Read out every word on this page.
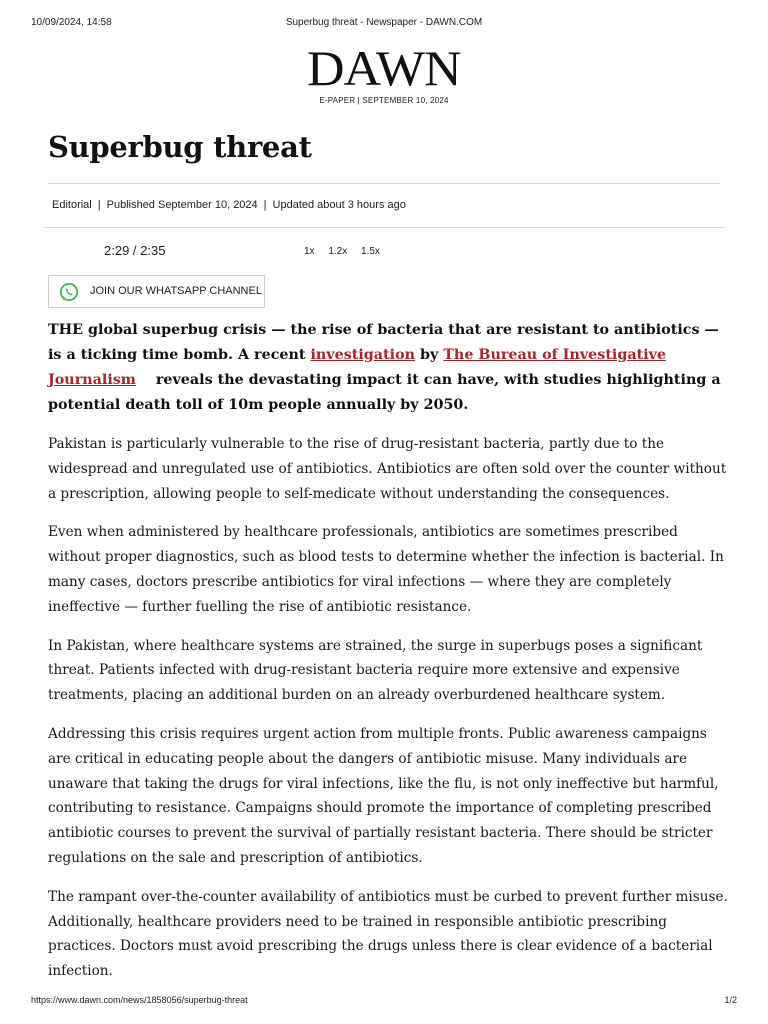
10/09/2024, 14:58	Superbug threat - Newspaper - DAWN.COM
DAWN
E-PAPER | SEPTEMBER 10, 2024
Superbug threat
Editorial | Published September 10, 2024 | Updated about 3 hours ago
2:29 / 2:35	1x 1.2x 1.5x
JOIN OUR WHATSAPP CHANNEL

THE global superbug crisis — the rise of bacteria that are resistant to antibiotics — is a ticking time bomb. A recent investigation by The Bureau of Investigative Journalism    reveals the devastating impact it can have, with studies highlighting a potential death toll of 10m people annually by 2050.

Pakistan is particularly vulnerable to the rise of drug-resistant bacteria, partly due to the widespread and unregulated use of antibiotics. Antibiotics are often sold over the counter without a prescription, allowing people to self-medicate without understanding the consequences.

Even when administered by healthcare professionals, antibiotics are sometimes prescribed without proper diagnostics, such as blood tests to determine whether the infection is bacterial. In many cases, doctors prescribe antibiotics for viral infections — where they are completely ineffective — further fuelling the rise of antibiotic resistance.

In Pakistan, where healthcare systems are strained, the surge in superbugs poses a significant threat. Patients infected with drug-resistant bacteria require more extensive and expensive treatments, placing an additional burden on an already overburdened healthcare system.

Addressing this crisis requires urgent action from multiple fronts. Public awareness campaigns are critical in educating people about the dangers of antibiotic misuse. Many individuals are unaware that taking the drugs for viral infections, like the flu, is not only ineffective but harmful, contributing to resistance. Campaigns should promote the importance of completing prescribed antibiotic courses to prevent the survival of partially resistant bacteria. There should be stricter regulations on the sale and prescription of antibiotics.

The rampant over-the-counter availability of antibiotics must be curbed to prevent further misuse. Additionally, healthcare providers need to be trained in responsible antibiotic prescribing practices. Doctors must avoid prescribing the drugs unless there is clear evidence of a bacterial infection.

https://www.dawn.com/news/1858056/superbug-threat	1/2
